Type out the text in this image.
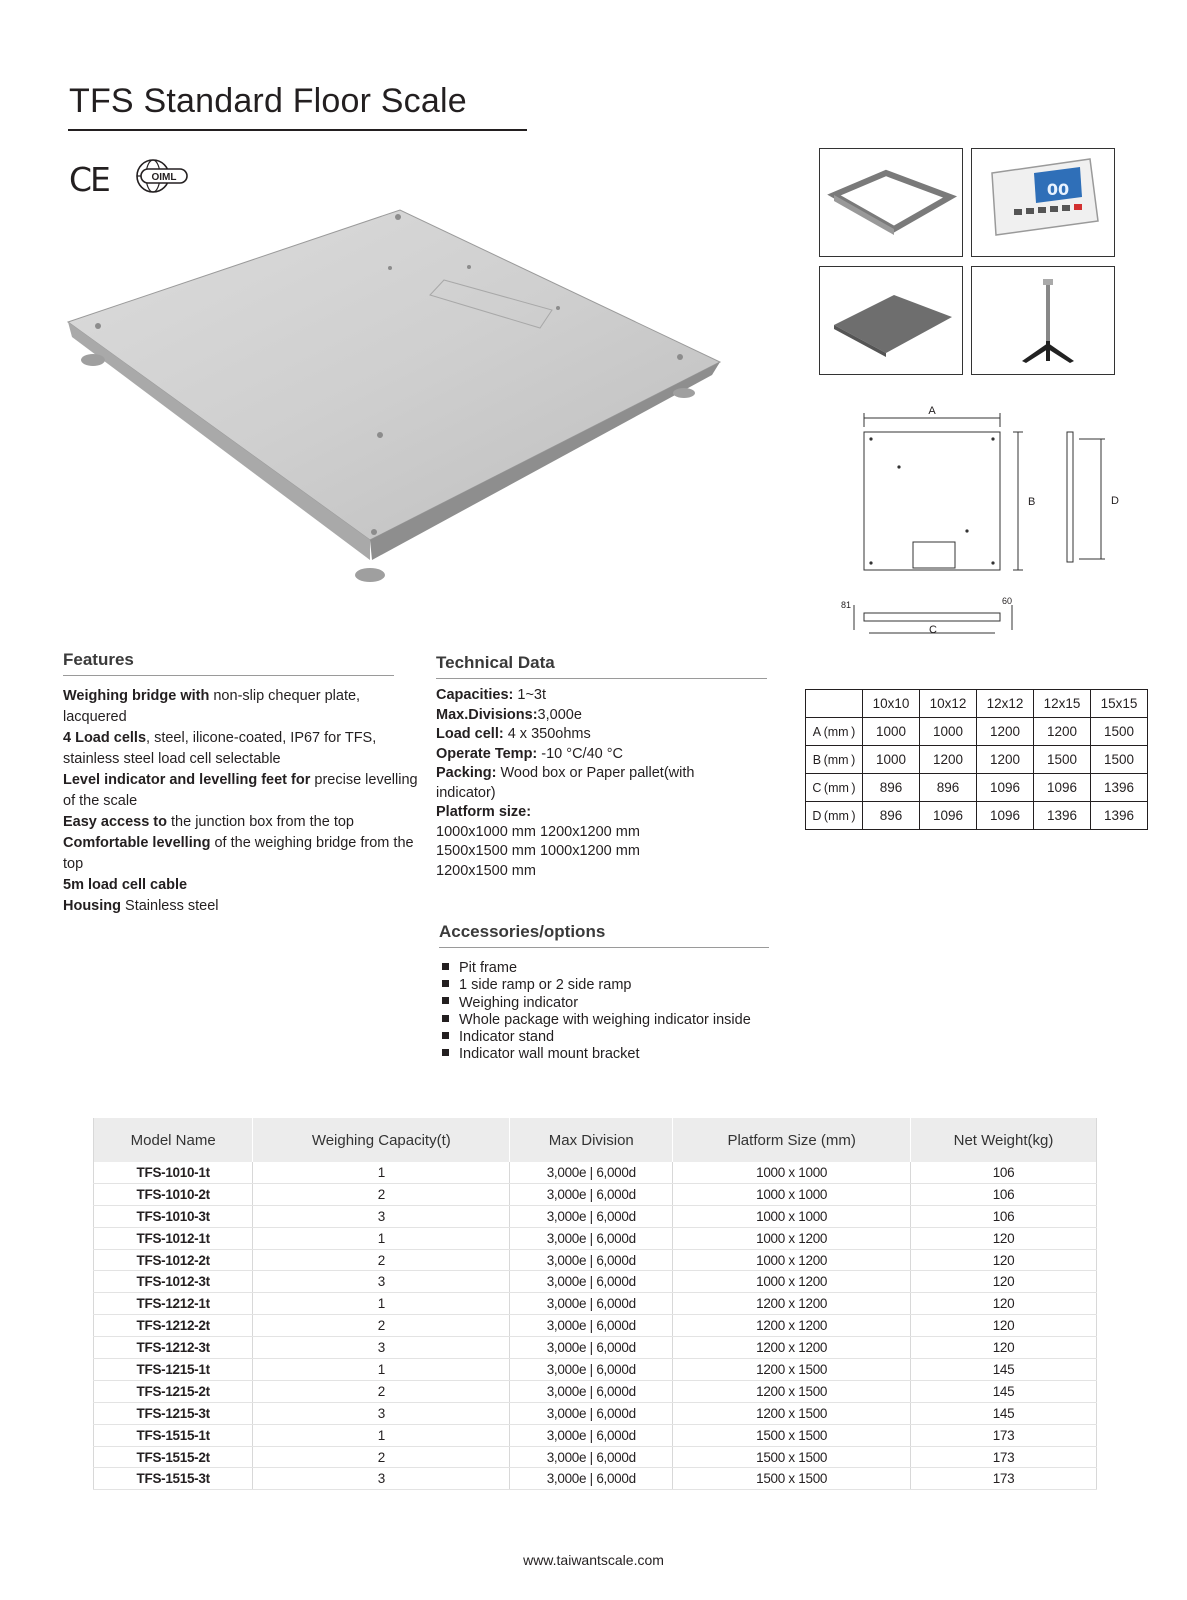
TFS Standard Floor Scale
CE	OIML
00
A
B
C
D
81	60
Features

Weighing bridge with non-slip chequer plate, lacquered

4 Load cells, steel, ilicone-coated, IP67 for TFS, stainless steel load cell selectable

Level indicator and levelling feet for precise levelling of the scale

Easy access to the junction box from the top

Comfortable levelling of the weighing bridge from the top

5m load cell cable

Housing Stainless steel

Technical Data

Capacities: 1~3t

Max.Divisions:3,000e

Load cell: 4 x 350ohms

Operate Temp: -10 °C/40 °C

Packing: Wood box or Paper pallet(with indicator)

Platform size:

1000x1000 mm 1200x1200 mm

1500x1500 mm 1000x1200 mm

1200x1500 mm

Accessories/options
Pit frame
1 side ramp or 2 side ramp
Weighing indicator
Whole package with weighing indicator inside
Indicator stand
Indicator wall mount bracket
	10x10	10x12	12x12	12x15	15x15
A (mm )	1000	1000	1200	1200	1500
B (mm )	1000	1200	1200	1500	1500
C (mm )	896	896	1096	1096	1396
D (mm )	896	1096	1096	1396	1396
Model Name	Weighing Capacity(t)	Max Division	Platform Size (mm)	Net Weight(kg)
TFS-1010-1t	1	3,000e | 6,000d	1000 x 1000	106
TFS-1010-2t	2	3,000e | 6,000d	1000 x 1000	106
TFS-1010-3t	3	3,000e | 6,000d	1000 x 1000	106
TFS-1012-1t	1	3,000e | 6,000d	1000 x 1200	120
TFS-1012-2t	2	3,000e | 6,000d	1000 x 1200	120
TFS-1012-3t	3	3,000e | 6,000d	1000 x 1200	120
TFS-1212-1t	1	3,000e | 6,000d	1200 x 1200	120
TFS-1212-2t	2	3,000e | 6,000d	1200 x 1200	120
TFS-1212-3t	3	3,000e | 6,000d	1200 x 1200	120
TFS-1215-1t	1	3,000e | 6,000d	1200 x 1500	145
TFS-1215-2t	2	3,000e | 6,000d	1200 x 1500	145
TFS-1215-3t	3	3,000e | 6,000d	1200 x 1500	145
TFS-1515-1t	1	3,000e | 6,000d	1500 x 1500	173
TFS-1515-2t	2	3,000e | 6,000d	1500 x 1500	173
TFS-1515-3t	3	3,000e | 6,000d	1500 x 1500	173
www.taiwantscale.com
